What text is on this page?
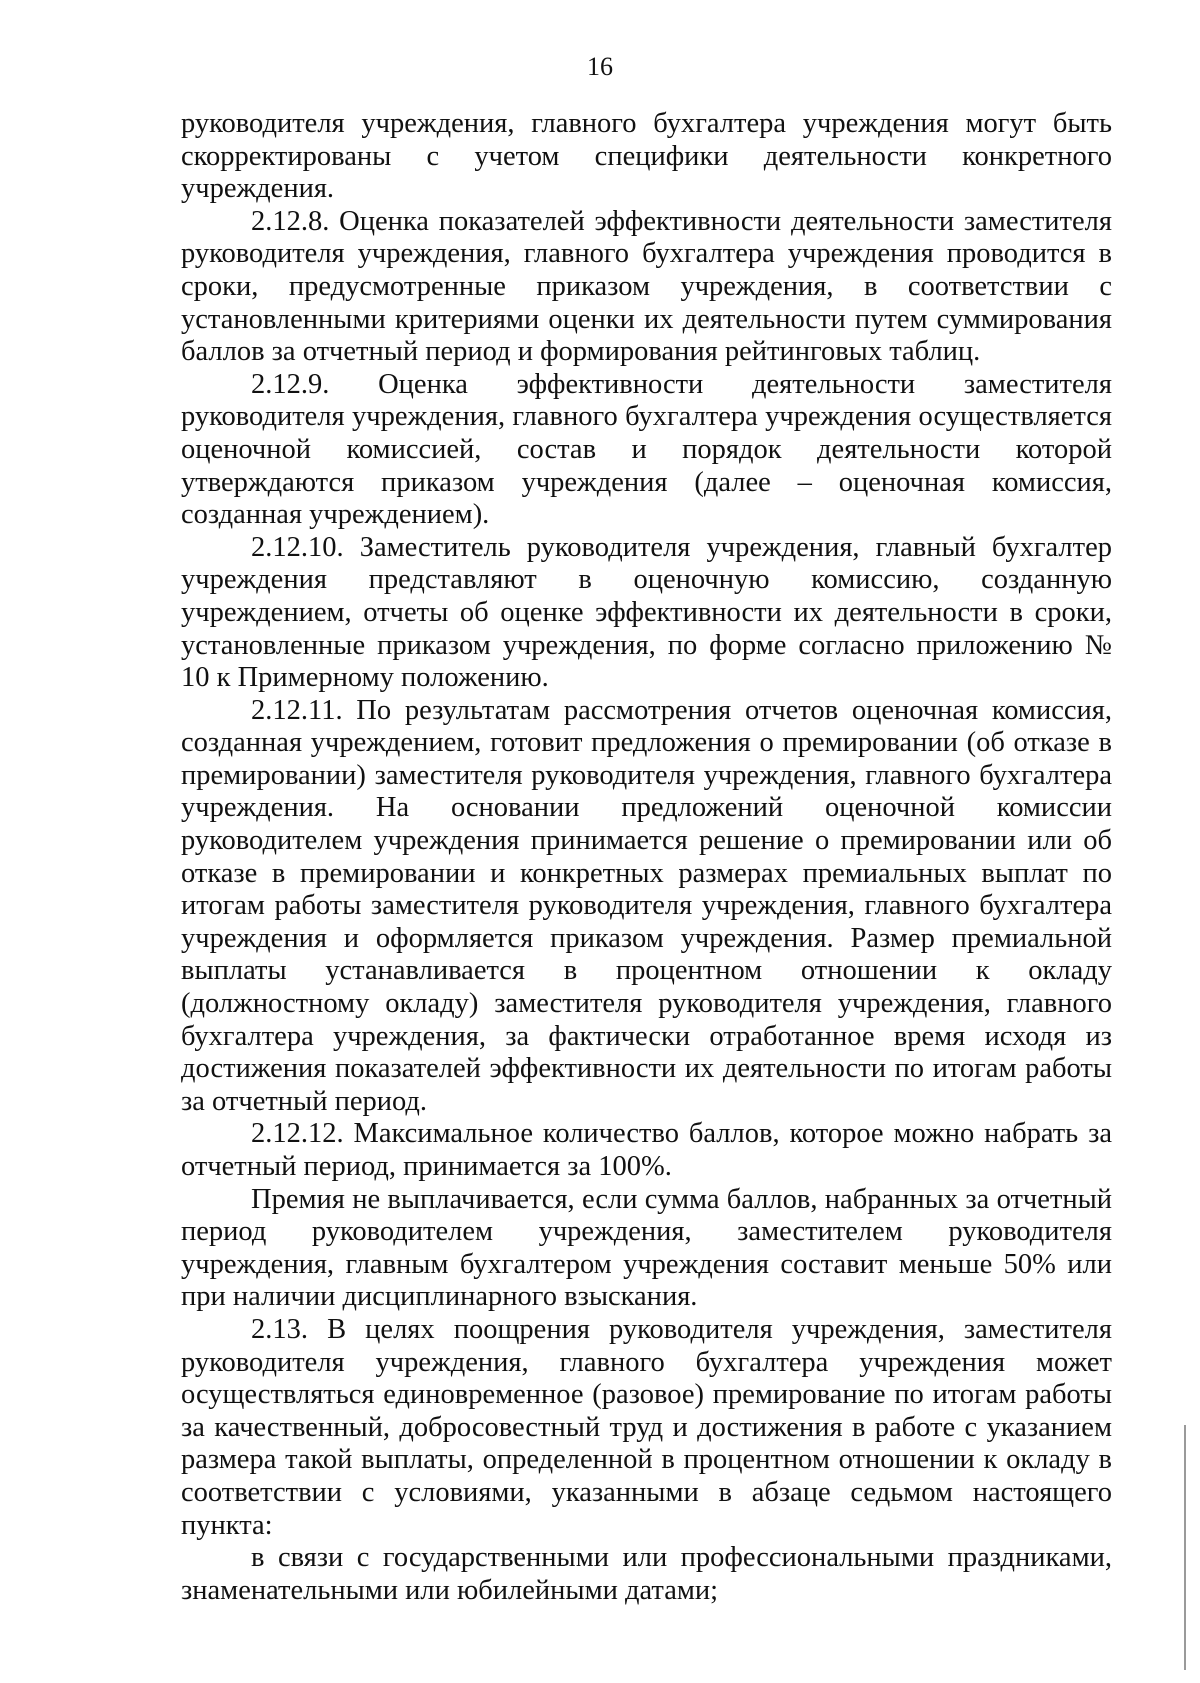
16

руководителя учреждения, главного бухгалтера учреждения могут быть скорректированы с учетом специфики деятельности конкретного учреждения.

2.12.8. Оценка показателей эффективности деятельности заместителя руководителя учреждения, главного бухгалтера учреждения проводится в сроки, предусмотренные приказом учреждения, в соответствии с установленными критериями оценки их деятельности путем суммирования баллов за отчетный период и формирования рейтинговых таблиц.

2.12.9. Оценка эффективности деятельности заместителя руководителя учреждения, главного бухгалтера учреждения осуществляется оценочной комиссией, состав и порядок деятельности которой утверждаются приказом учреждения (далее – оценочная комиссия, созданная учреждением).

2.12.10. Заместитель руководителя учреждения, главный бухгалтер учреждения представляют в оценочную комиссию, созданную учреждением, отчеты об оценке эффективности их деятельности в сроки, установленные приказом учреждения, по форме согласно приложению № 10 к Примерному положению.

2.12.11. По результатам рассмотрения отчетов оценочная комиссия, созданная учреждением, готовит предложения о премировании (об отказе в премировании) заместителя руководителя учреждения, главного бухгалтера учреждения. На основании предложений оценочной комиссии руководителем учреждения принимается решение о премировании или об отказе в премировании и конкретных размерах премиальных выплат по итогам работы заместителя руководителя учреждения, главного бухгалтера учреждения и оформляется приказом учреждения. Размер премиальной выплаты устанавливается в процентном отношении к окладу (должностному окладу) заместителя руководителя учреждения, главного бухгалтера учреждения, за фактически отработанное время исходя из достижения показателей эффективности их деятельности по итогам работы за отчетный период.

2.12.12. Максимальное количество баллов, которое можно набрать за отчетный период, принимается за 100%.

Премия не выплачивается, если сумма баллов, набранных за отчетный период руководителем учреждения, заместителем руководителя учреждения, главным бухгалтером учреждения составит меньше 50% или при наличии дисциплинарного взыскания.

2.13. В целях поощрения руководителя учреждения, заместителя руководителя учреждения, главного бухгалтера учреждения может осуществляться единовременное (разовое) премирование по итогам работы за качественный, добросовестный труд и достижения в работе с указанием размера такой выплаты, определенной в процентном отношении к окладу в соответствии с условиями, указанными в абзаце седьмом настоящего пункта:

в связи с государственными или профессиональными праздниками, знаменательными или юбилейными датами;
